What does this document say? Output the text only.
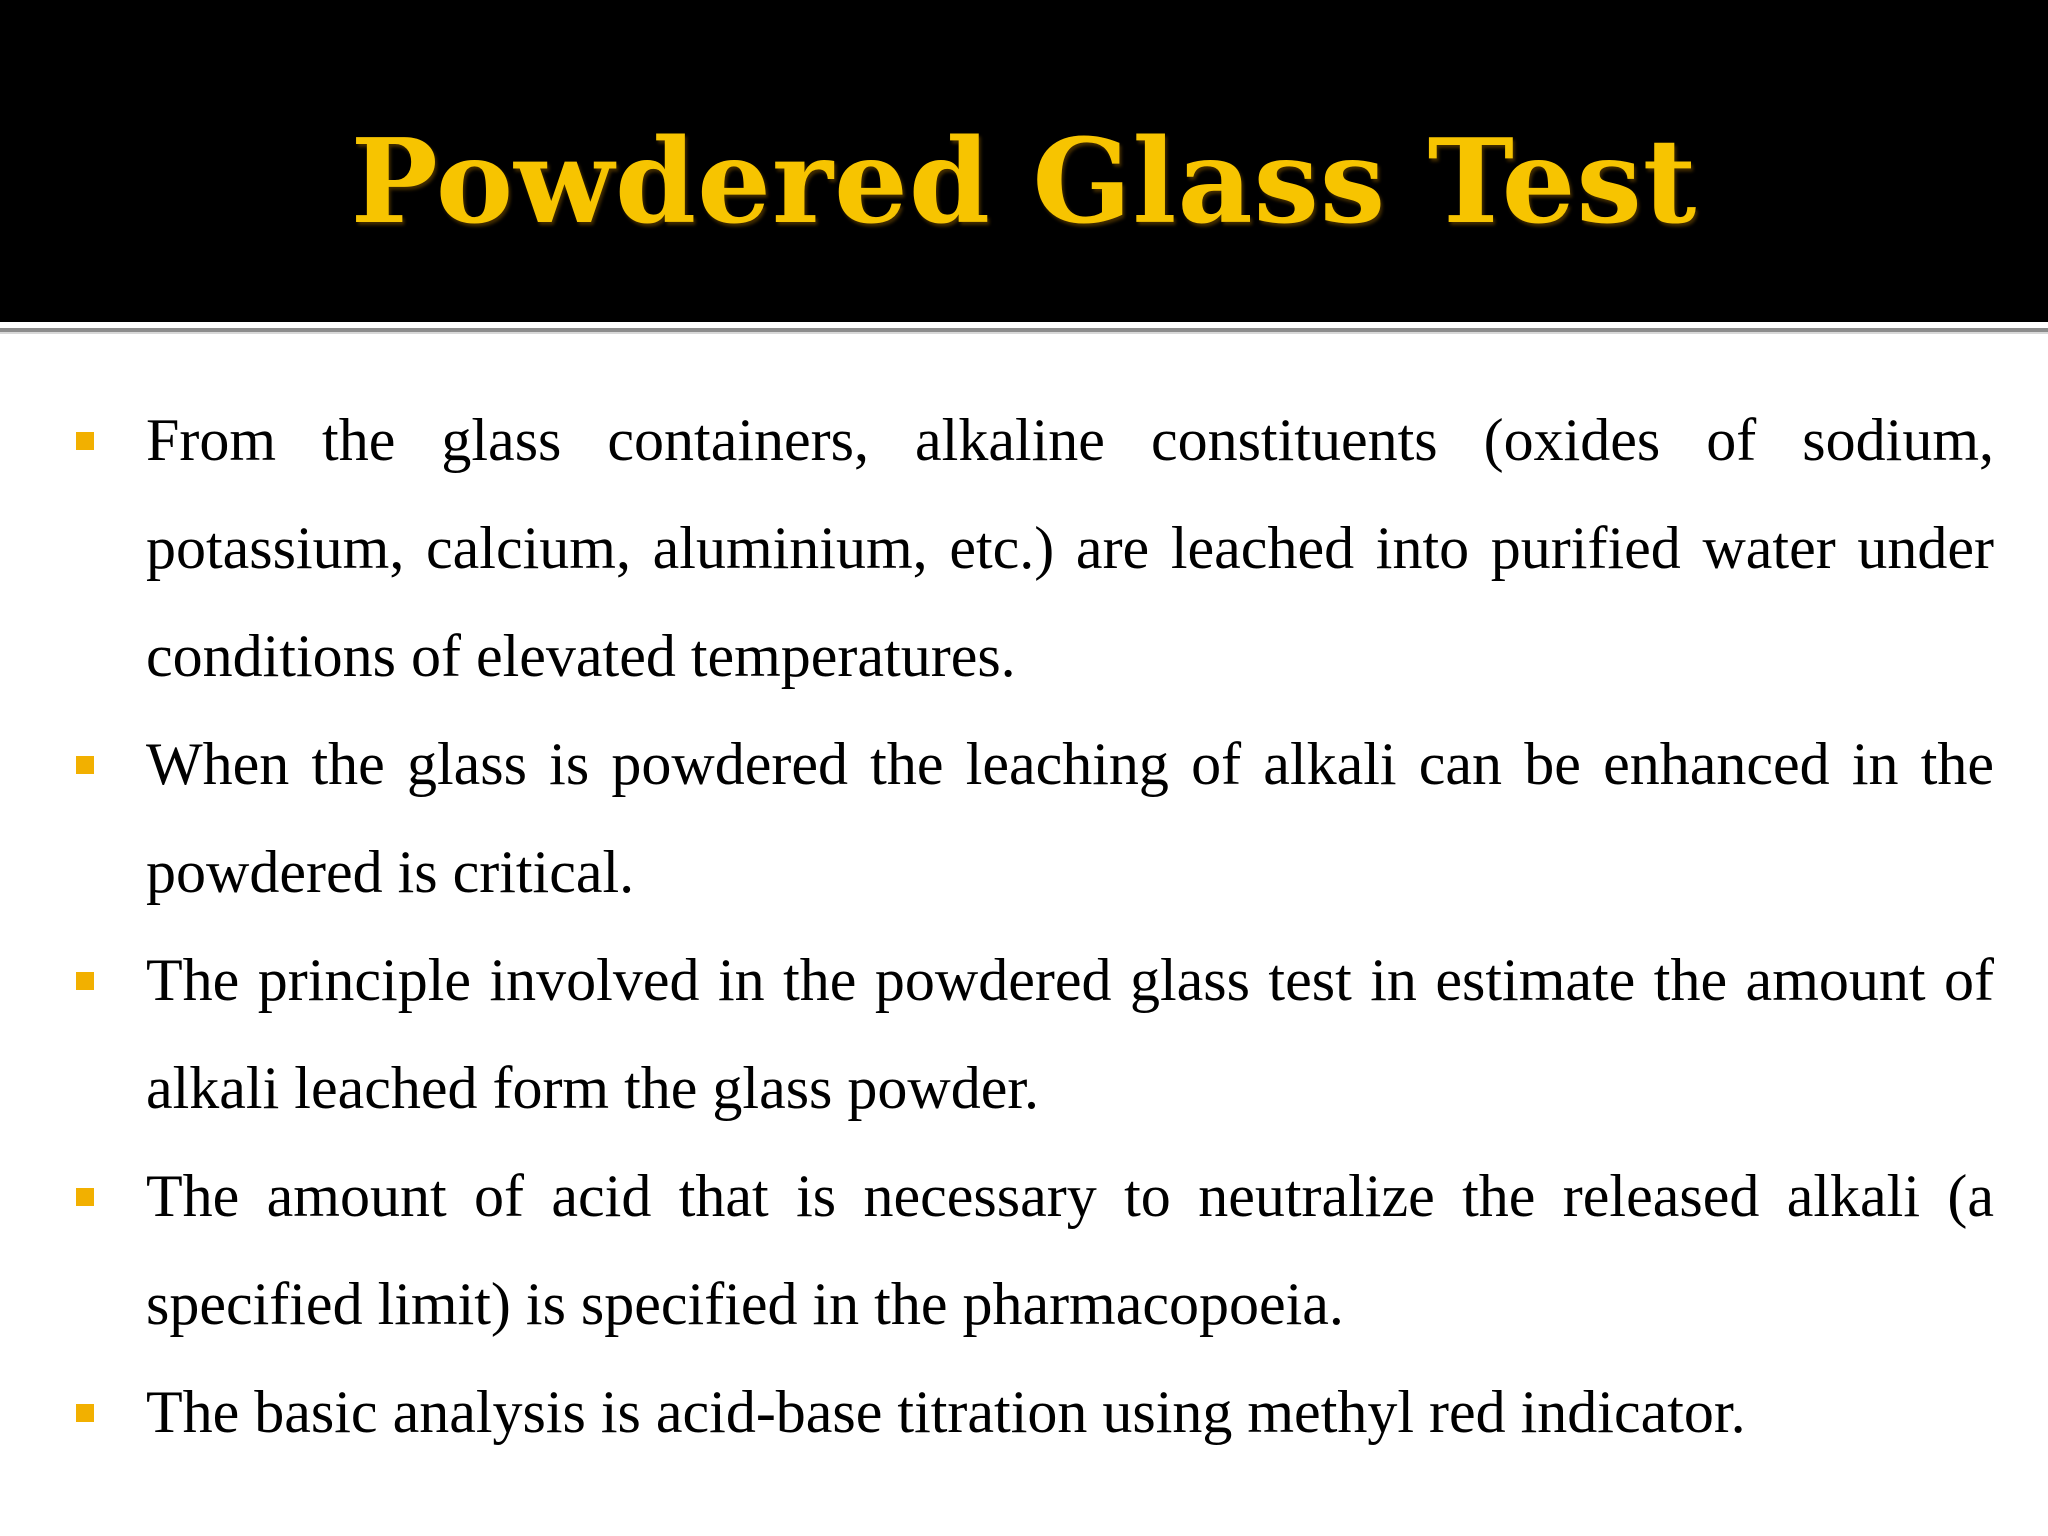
Powdered Glass Test
From the glass containers, alkaline constituents (oxides of sodium, potassium, calcium, aluminium, etc.) are leached into purified water under conditions of elevated temperatures.
When the glass is powdered the leaching of alkali can be enhanced in the powdered is critical.
The principle involved in the powdered glass test in estimate the amount of alkali leached form the glass powder.
The amount of acid that is necessary to neutralize the released alkali (a specified limit) is specified in the pharmacopoeia.
The basic analysis is acid-base titration using methyl red indicator.
